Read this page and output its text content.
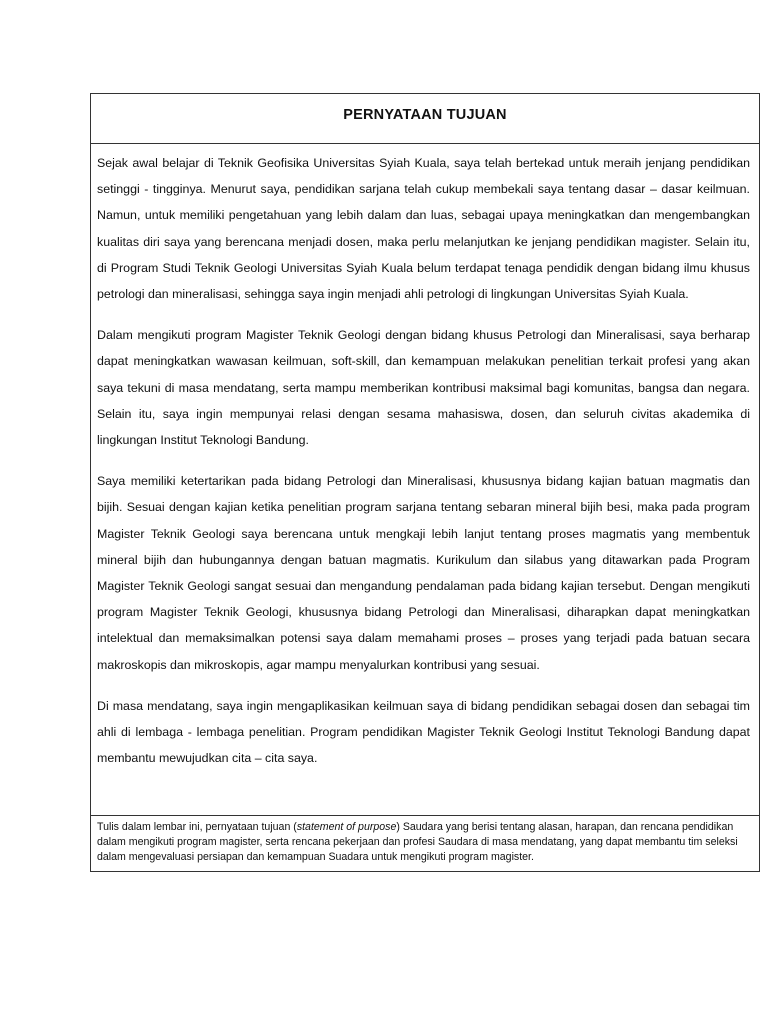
PERNYATAAN TUJUAN

Sejak awal belajar di Teknik Geofisika Universitas Syiah Kuala, saya telah bertekad untuk meraih jenjang pendidikan setinggi - tingginya. Menurut saya, pendidikan sarjana telah cukup membekali saya tentang dasar – dasar keilmuan. Namun, untuk memiliki pengetahuan yang lebih dalam dan luas, sebagai upaya meningkatkan dan mengembangkan kualitas diri saya yang berencana menjadi dosen, maka perlu melanjutkan ke jenjang pendidikan magister. Selain itu, di Program Studi Teknik Geologi Universitas Syiah Kuala belum terdapat tenaga pendidik dengan bidang ilmu khusus petrologi dan mineralisasi, sehingga saya ingin menjadi ahli petrologi di lingkungan Universitas Syiah Kuala.

Dalam mengikuti program Magister Teknik Geologi dengan bidang khusus Petrologi dan Mineralisasi, saya berharap dapat meningkatkan wawasan keilmuan, soft-skill, dan kemampuan melakukan penelitian terkait profesi yang akan saya tekuni di masa mendatang, serta mampu memberikan kontribusi maksimal bagi komunitas, bangsa dan negara. Selain itu, saya ingin mempunyai relasi dengan sesama mahasiswa, dosen, dan seluruh civitas akademika di lingkungan Institut Teknologi Bandung.

Saya memiliki ketertarikan pada bidang Petrologi dan Mineralisasi, khususnya bidang kajian batuan magmatis dan bijih. Sesuai dengan kajian ketika penelitian program sarjana tentang sebaran mineral bijih besi, maka pada program Magister Teknik Geologi saya berencana untuk mengkaji lebih lanjut tentang proses magmatis yang membentuk mineral bijih dan hubungannya dengan batuan magmatis. Kurikulum dan silabus yang ditawarkan pada Program Magister Teknik Geologi sangat sesuai dan mengandung pendalaman pada bidang kajian tersebut. Dengan mengikuti program Magister Teknik Geologi, khususnya bidang Petrologi dan Mineralisasi, diharapkan dapat meningkatkan intelektual dan memaksimalkan potensi saya dalam memahami proses – proses yang terjadi pada batuan secara makroskopis dan mikroskopis, agar mampu menyalurkan kontribusi yang sesuai.

Di masa mendatang, saya ingin mengaplikasikan keilmuan saya di bidang pendidikan sebagai dosen dan sebagai tim ahli di lembaga - lembaga penelitian. Program pendidikan Magister Teknik Geologi Institut Teknologi Bandung dapat membantu mewujudkan cita – cita saya.

Tulis dalam lembar ini, pernyataan tujuan (statement of purpose) Saudara yang berisi tentang alasan, harapan, dan rencana pendidikan dalam mengikuti program magister, serta rencana pekerjaan dan profesi Saudara di masa mendatang, yang dapat membantu tim seleksi dalam mengevaluasi persiapan dan kemampuan Suadara untuk mengikuti program magister.
